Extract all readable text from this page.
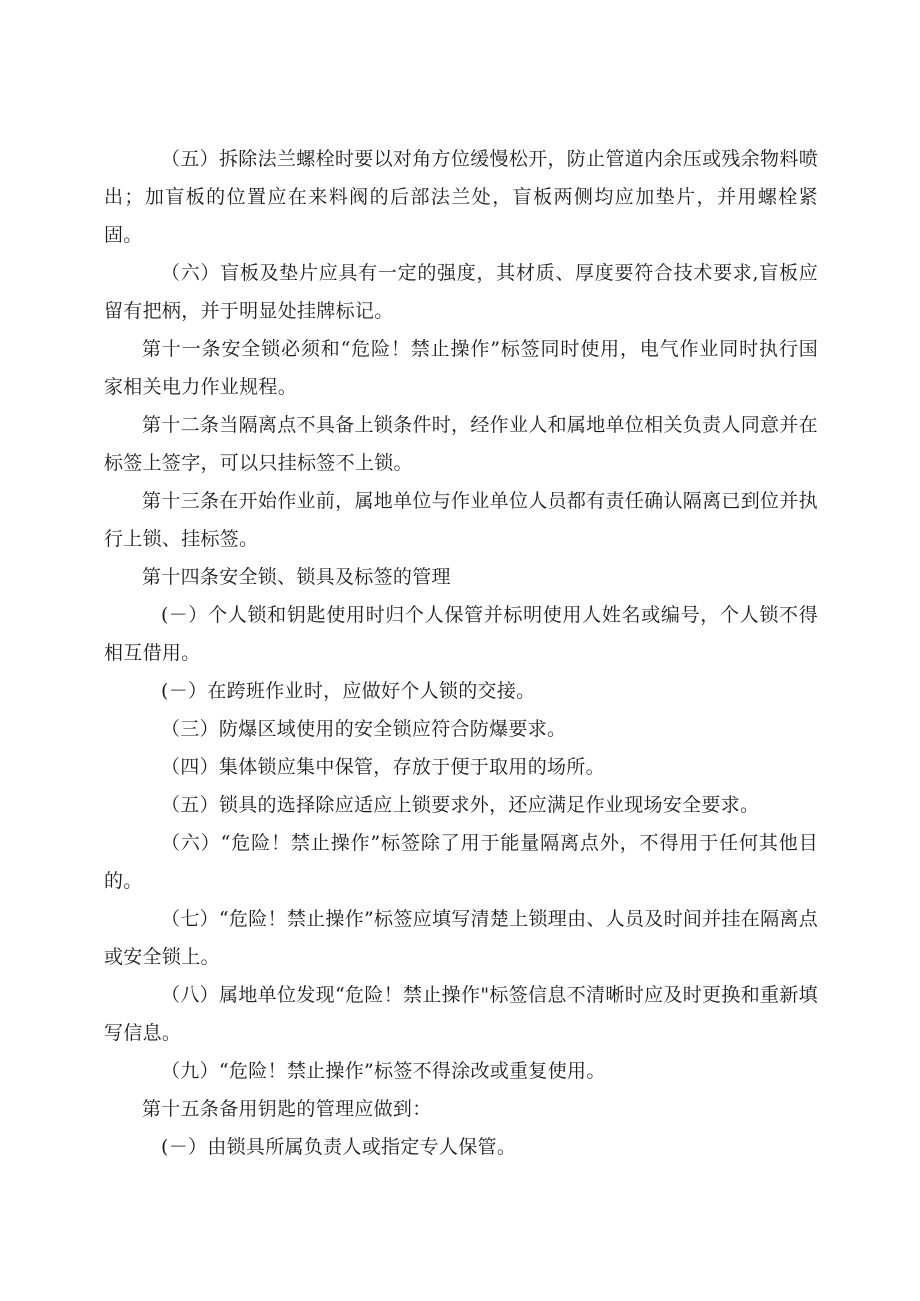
（五）拆除法兰螺栓时要以对角方位缓慢松开，防止管道内余压或残余物料喷出；加盲板的位置应在来料阀的后部法兰处，盲板两侧均应加垫片，并用螺栓紧固。

（六）盲板及垫片应具有一定的强度，其材质、厚度要符合技术要求,盲板应留有把柄，并于明显处挂牌标记。

第十一条安全锁必须和“危险！禁止操作”标签同时使用，电气作业同时执行国家相关电力作业规程。

第十二条当隔离点不具备上锁条件时，经作业人和属地单位相关负责人同意并在标签上签字，可以只挂标签不上锁。

第十三条在开始作业前，属地单位与作业单位人员都有责任确认隔离已到位并执行上锁、挂标签。

第十四条安全锁、锁具及标签的管理

(－）个人锁和钥匙使用时归个人保管并标明使用人姓名或编号，个人锁不得相互借用。

(－）在跨班作业时，应做好个人锁的交接。

（三）防爆区域使用的安全锁应符合防爆要求。

（四）集体锁应集中保管，存放于便于取用的场所。

（五）锁具的选择除应适应上锁要求外，还应满足作业现场安全要求。

（六）“危险！禁止操作”标签除了用于能量隔离点外，不得用于任何其他目的。

（七）“危险！禁止操作”标签应填写清楚上锁理由、人员及时间并挂在隔离点或安全锁上。

（八）属地单位发现“危险！禁止操作"标签信息不清晰时应及时更换和重新填写信息。

（九）“危险！禁止操作”标签不得涂改或重复使用。

第十五条备用钥匙的管理应做到：

(－）由锁具所属负责人或指定专人保管。
